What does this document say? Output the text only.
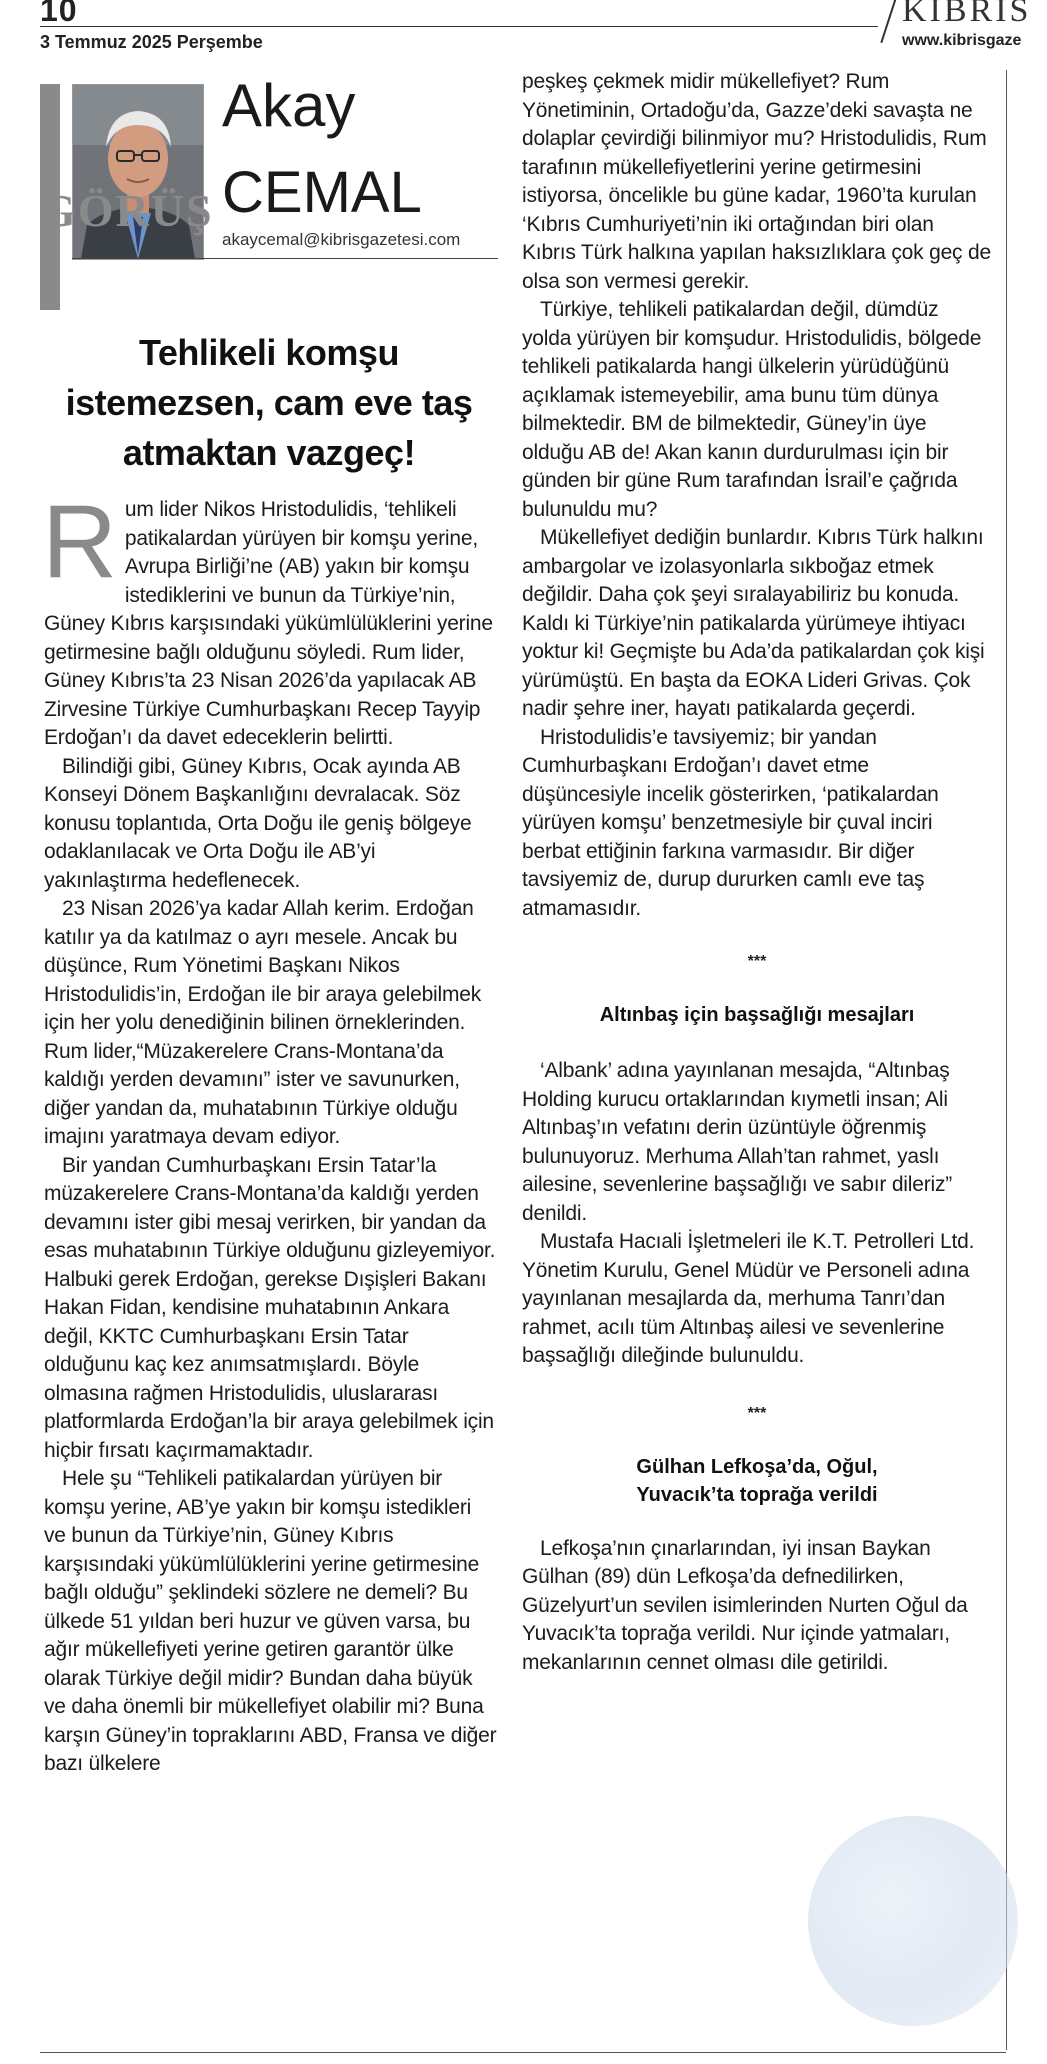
10
3 Temmuz 2025 Perşembe
KIBRIS
www.kibrisgaze
Akay
CEMAL
akaycemal@kibrisgazetesi.com
GÖRÜŞ
Tehlikeli komşu istemezsen, cam eve taş atmaktan vazgeç!

Rum lider Nikos Hristodulidis, ‘tehlikeli patikalardan yürüyen bir komşu yerine, Avrupa Birliği’ne (AB) yakın bir komşu istediklerini ve bunun da Türkiye’nin, Güney Kıbrıs karşısındaki yükümlülüklerini yerine getirmesine bağlı olduğunu söyledi. Rum lider, Güney Kıbrıs’ta 23 Nisan 2026’da yapılacak AB Zirvesine Türkiye Cumhurbaşkanı Recep Tayyip Erdoğan’ı da davet edeceklerin belirtti.

Bilindiği gibi, Güney Kıbrıs, Ocak ayında AB Konseyi Dönem Başkanlığını devralacak. Söz konusu toplantıda, Orta Doğu ile geniş bölgeye odaklanılacak ve Orta Doğu ile AB’yi yakınlaştırma hedeflenecek.

23 Nisan 2026’ya kadar Allah kerim. Erdoğan katılır ya da katılmaz o ayrı mesele. Ancak bu düşünce, Rum Yönetimi Başkanı Nikos Hristodulidis’in, Erdoğan ile bir araya gelebilmek için her yolu denediğinin bilinen örneklerinden. Rum lider,“Müzakerelere Crans-Montana’da kaldığı yerden devamını” ister ve savunurken, diğer yandan da, muhatabının Türkiye olduğu imajını yaratmaya devam ediyor.

Bir yandan Cumhurbaşkanı Ersin Tatar’la müzakerelere Crans-Montana’da kaldığı yerden devamını ister gibi mesaj verirken, bir yandan da esas muhatabının Türkiye olduğunu gizleyemiyor. Halbuki gerek Erdoğan, gerekse Dışişleri Bakanı Hakan Fidan, kendisine muhatabının Ankara değil, KKTC Cumhurbaşkanı Ersin Tatar olduğunu kaç kez anımsatmışlardı. Böyle olmasına rağmen Hristodulidis, uluslararası platformlarda Erdoğan’la bir araya gelebilmek için hiçbir fırsatı kaçırmamaktadır.

Hele şu “Tehlikeli patikalardan yürüyen bir komşu yerine, AB’ye yakın bir komşu istedikleri ve bunun da Türkiye’nin, Güney Kıbrıs karşısındaki yükümlülüklerini yerine getirmesine bağlı olduğu” şeklindeki sözlere ne demeli? Bu ülkede 51 yıldan beri huzur ve güven varsa, bu ağır mükellefiyeti yerine getiren garantör ülke olarak Türkiye değil midir? Bundan daha büyük ve daha önemli bir mükellefiyet olabilir mi? Buna karşın Güney’in topraklarını ABD, Fransa ve diğer bazı ülkelere

peşkeş çekmek midir mükellefiyet? Rum Yönetiminin, Ortadoğu’da, Gazze’deki savaşta ne dolaplar çevirdiği bilinmiyor mu? Hristodulidis, Rum tarafının mükellefiyetlerini yerine getirmesini istiyorsa, öncelikle bu güne kadar, 1960’ta kurulan ‘Kıbrıs Cumhuriyeti’nin iki ortağından biri olan Kıbrıs Türk halkına yapılan haksızlıklara çok geç de olsa son vermesi gerekir.

Türkiye, tehlikeli patikalardan değil, dümdüz yolda yürüyen bir komşudur. Hristodulidis, bölgede tehlikeli patikalarda hangi ülkelerin yürüdüğünü açıklamak istemeyebilir, ama bunu tüm dünya bilmektedir. BM de bilmektedir, Güney’in üye olduğu AB de! Akan kanın durdurulması için bir günden bir güne Rum tarafından İsrail’e çağrıda bulunuldu mu?

Mükellefiyet dediğin bunlardır. Kıbrıs Türk halkını ambargolar ve izolasyonlarla sıkboğaz etmek değildir. Daha çok şeyi sıralayabiliriz bu konuda. Kaldı ki Türkiye’nin patikalarda yürümeye ihtiyacı yoktur ki! Geçmişte bu Ada’da patikalardan çok kişi yürümüştü. En başta da EOKA Lideri Grivas. Çok nadir şehre iner, hayatı patikalarda geçerdi.

Hristodulidis’e tavsiyemiz; bir yandan Cumhurbaşkanı Erdoğan’ı davet etme düşüncesiyle incelik gösterirken, ‘patikalardan yürüyen komşu’ benzetmesiyle bir çuval inciri berbat ettiğinin farkına varmasıdır. Bir diğer tavsiyemiz de, durup dururken camlı eve taş atmamasıdır.

***
Altınbaş için başsağlığı mesajları

‘Albank’ adına yayınlanan mesajda, “Altınbaş Holding kurucu ortaklarından kıymetli insan; Ali Altınbaş’ın vefatını derin üzüntüyle öğrenmiş bulunuyoruz. Merhuma Allah’tan rahmet, yaslı ailesine, sevenlerine başsağlığı ve sabır dileriz” denildi.

Mustafa Hacıali İşletmeleri ile K.T. Petrolleri Ltd. Yönetim Kurulu, Genel Müdür ve Personeli adına yayınlanan mesajlarda da, merhuma Tanrı’dan rahmet, acılı tüm Altınbaş ailesi ve sevenlerine başsağlığı dileğinde bulunuldu.

***
Gülhan Lefkoşa’da, Oğul,
Yuvacık’ta toprağa verildi

Lefkoşa’nın çınarlarından, iyi insan Baykan Gülhan (89) dün Lefkoşa’da defnedilirken, Güzelyurt’un sevilen isimlerinden Nurten Oğul da Yuvacık’ta toprağa verildi. Nur içinde yatmaları, mekanlarının cennet olması dile getirildi.
